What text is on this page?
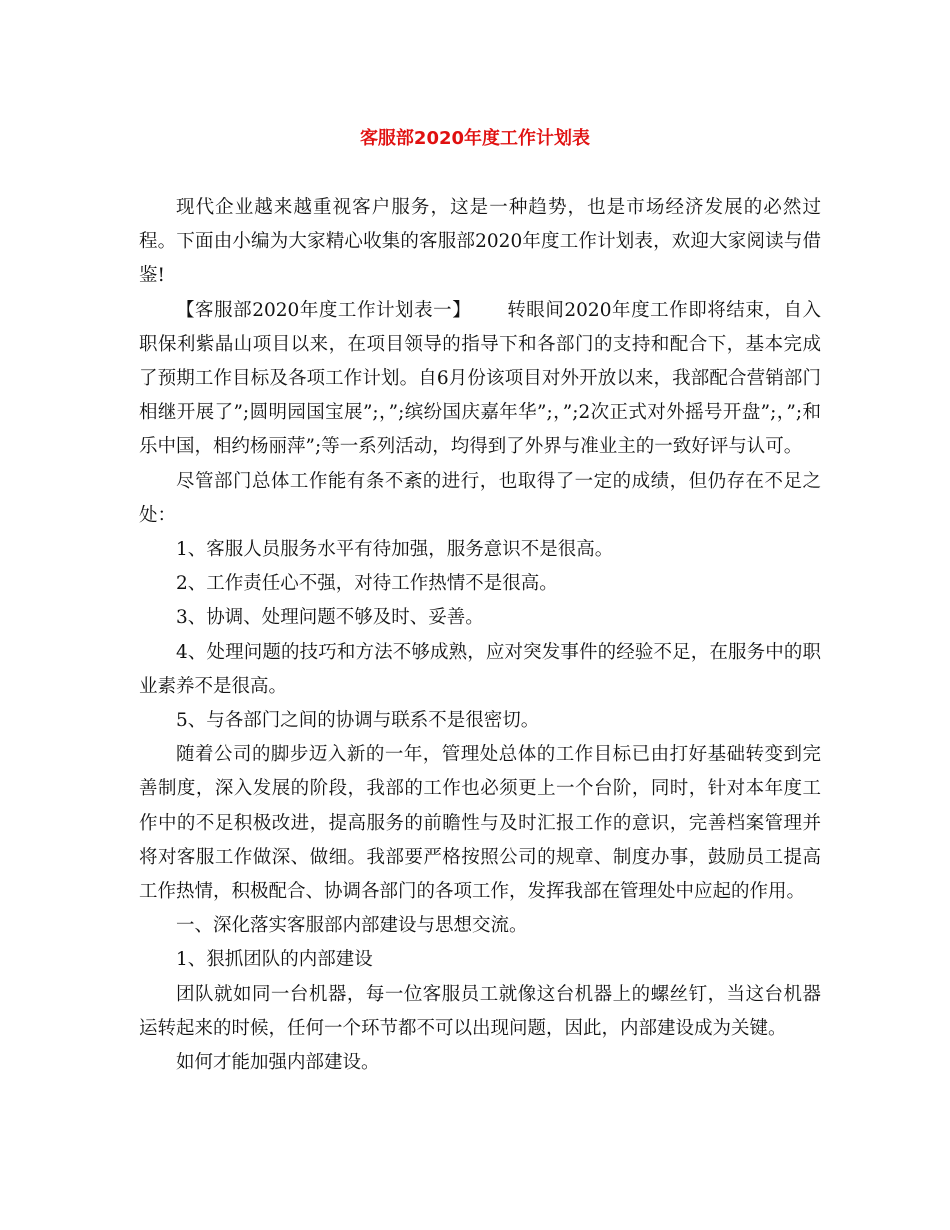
客服部2020年度工作计划表

现代企业越来越重视客户服务，这是一种趋势，也是市场经济发展的必然过程。下面由小编为大家精心收集的客服部2020年度工作计划表，欢迎大家阅读与借鉴!

【客服部2020年度工作计划表一】 转眼间2020年度工作即将结束，自入职保利紫晶山项目以来，在项目领导的指导下和各部门的支持和配合下，基本完成了预期工作目标及各项工作计划。自6月份该项目对外开放以来，我部配合营销部门相继开展了”;圆明园国宝展”;，”;缤纷国庆嘉年华”;，”;2次正式对外摇号开盘”;，”;和乐中国，相约杨丽萍”;等一系列活动，均得到了外界与准业主的一致好评与认可。

尽管部门总体工作能有条不紊的进行，也取得了一定的成绩，但仍存在不足之处：

1、客服人员服务水平有待加强，服务意识不是很高。

2、工作责任心不强，对待工作热情不是很高。

3、协调、处理问题不够及时、妥善。

4、处理问题的技巧和方法不够成熟，应对突发事件的经验不足，在服务中的职业素养不是很高。

5、与各部门之间的协调与联系不是很密切。

随着公司的脚步迈入新的一年，管理处总体的工作目标已由打好基础转变到完善制度，深入发展的阶段，我部的工作也必须更上一个台阶，同时，针对本年度工作中的不足积极改进，提高服务的前瞻性与及时汇报工作的意识，完善档案管理并将对客服工作做深、做细。我部要严格按照公司的规章、制度办事，鼓励员工提高工作热情，积极配合、协调各部门的各项工作，发挥我部在管理处中应起的作用。

一、深化落实客服部内部建设与思想交流。

1、狠抓团队的内部建设

团队就如同一台机器，每一位客服员工就像这台机器上的螺丝钉，当这台机器运转起来的时候，任何一个环节都不可以出现问题，因此，内部建设成为关键。

如何才能加强内部建设。
